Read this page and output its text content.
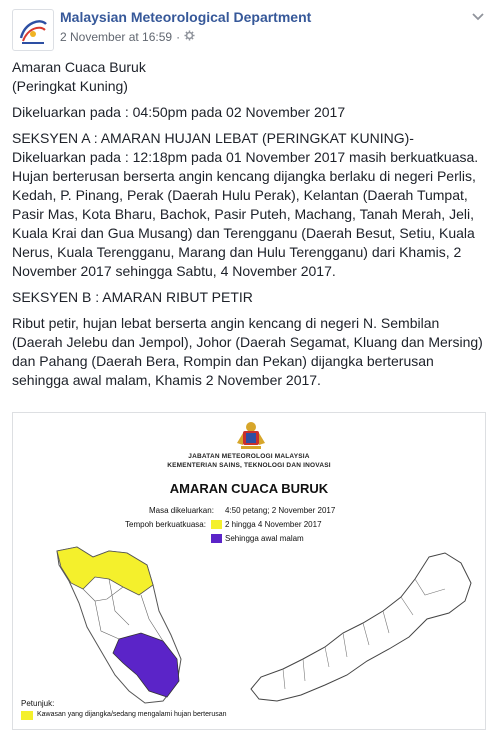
Malaysian Meteorological Department
2 November at 16:59 ·

Amaran Cuaca Buruk

(Peringkat Kuning)

Dikeluarkan pada : 04:50pm pada 02 November 2017

SEKSYEN A : AMARAN HUJAN LEBAT (PERINGKAT KUNING)- Dikeluarkan pada : 12:18pm pada 01 November 2017 masih berkuatkuasa.

Hujan berterusan berserta angin kencang dijangka berlaku di negeri Perlis, Kedah, P. Pinang, Perak (Daerah Hulu Perak), Kelantan (Daerah Tumpat, Pasir Mas, Kota Bharu, Bachok, Pasir Puteh, Machang, Tanah Merah, Jeli, Kuala Krai dan Gua Musang) dan Terengganu (Daerah Besut, Setiu, Kuala Nerus, Kuala Terengganu, Marang dan Hulu Terengganu) dari Khamis, 2 November 2017 sehingga Sabtu, 4 November 2017.

SEKSYEN B : AMARAN RIBUT PETIR

Ribut petir, hujan lebat berserta angin kencang di negeri N. Sembilan (Daerah Jelebu dan Jempol), Johor (Daerah Segamat, Kluang dan Mersing) dan Pahang (Daerah Bera, Rompin dan Pekan) dijangka berterusan sehingga awal malam, Khamis 2 November 2017.

JABATAN METEOROLOGI MALAYSIA
KEMENTERIAN SAINS, TEKNOLOGI DAN INOVASI
AMARAN CUACA BURUK
Masa dikeluarkan: 4:50 petang; 2 November 2017
Tempoh berkuatkuasa: 2 hingga 4 November 2017
Sehingga awal malam
Petunjuk:
Kawasan yang dijangka/sedang mengalami hujan berterusan
